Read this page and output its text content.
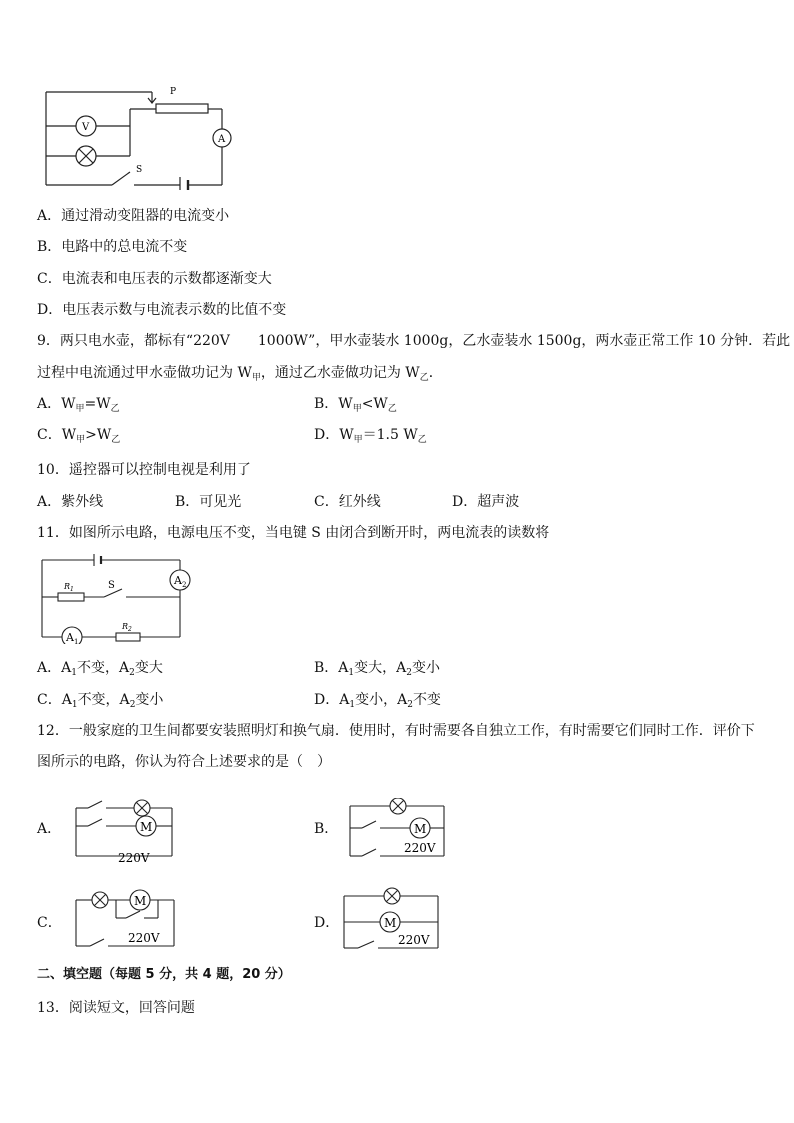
P
V
A
S
A．通过滑动变阻器的电流变小
B．电路中的总电流不变
C．电流表和电压表的示数都逐渐变大
D．电压表示数与电流表示数的比值不变
9．两只电水壶，都标有“220V　　1000W”，甲水壶装水 1000g，乙水壶装水 1500g，两水壶正常工作 10 分钟．若此
过程中电流通过甲水壶做功记为 $W_甲$，通过乙水壶做功记为 $W_乙$．
A．$W_甲=W_乙$	B．$W_甲<W_乙$
C．$W_甲>W_乙$	D．$W_甲=1.5$ $W_乙$
10．遥控器可以控制电视是利用了
A．紫外线	B．可见光	C．红外线	D．超声波
11．如图所示电路，电源电压不变，当电键 S 由闭合到断开时，两电流表的读数将
$A_2$
$A_1$
$R_1$
$R_2$
S
A．$A_1$不变，$A_2$变大	B．$A_1$变大，$A_2$变小
C．$A_1$不变，$A_2$变小	D．$A_1$变小，$A_2$不变
12．一般家庭的卫生间都要安装照明灯和换气扇．使用时，有时需要各自独立工作，有时需要它们同时工作．评价下
图所示的电路，你认为符合上述要求的是（　）
A．	M
220V
B．	M
220V
C．
M
220V
D．	M
220V
二、填空题（每题 5 分，共 4 题，20 分）
13．阅读短文，回答问题
